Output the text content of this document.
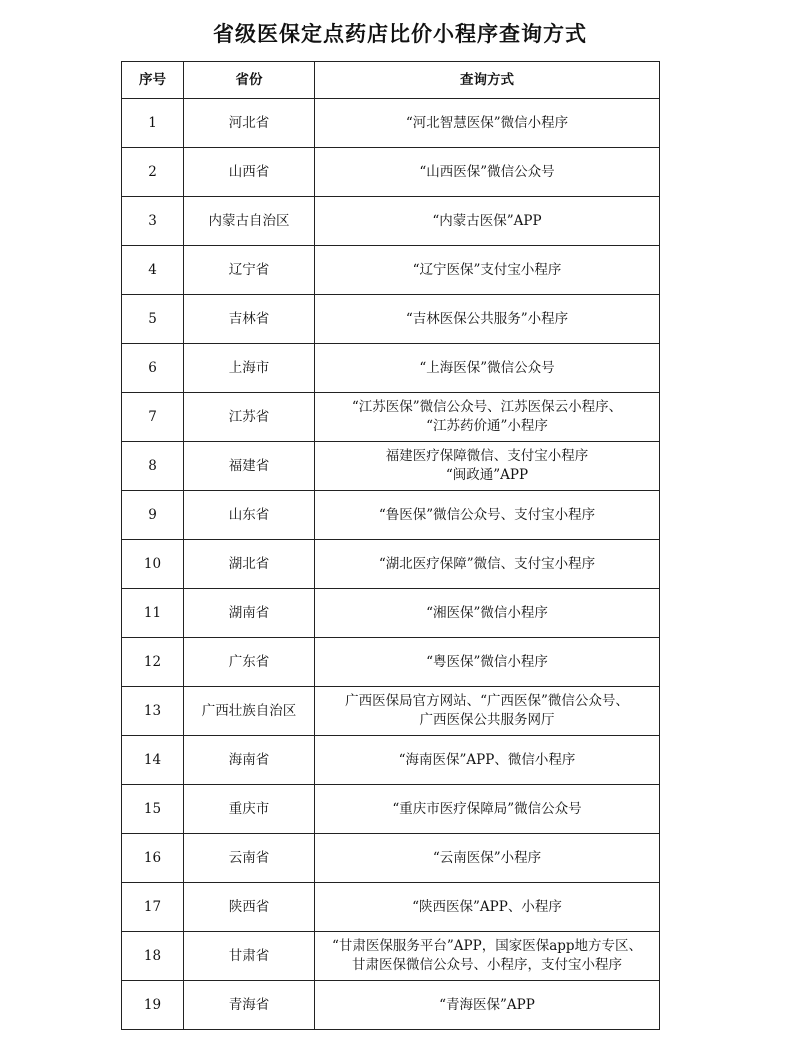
省级医保定点药店比价小程序查询方式
序号	省份	查询方式
1	河北省	“河北智慧医保”微信小程序

2	山西省	“山西医保”微信公众号

3	内蒙古自治区	“内蒙古医保”APP

4	辽宁省	“辽宁医保”支付宝小程序

5	吉林省	“吉林医保公共服务”小程序

6	上海市	“上海医保”微信公众号

7	江苏省	“江苏医保”微信公众号、江苏医保云小程序、
“江苏药价通”小程序

8	福建省	福建医疗保障微信、支付宝小程序
“闽政通”APP

9	山东省	“鲁医保”微信公众号、支付宝小程序

10	湖北省	“湖北医疗保障”微信、支付宝小程序

11	湖南省	“湘医保”微信小程序

12	广东省	“粤医保”微信小程序

13	广西壮族自治区	广西医保局官方网站、“广西医保”微信公众号、
广西医保公共服务网厅

14	海南省	“海南医保”APP、微信小程序

15	重庆市	“重庆市医疗保障局”微信公众号

16	云南省	“云南医保”小程序

17	陕西省	“陕西医保”APP、小程序

18	甘肃省	“甘肃医保服务平台”APP，国家医保app地方专区、
甘肃医保微信公众号、小程序，支付宝小程序

19	青海省	“青海医保”APP
